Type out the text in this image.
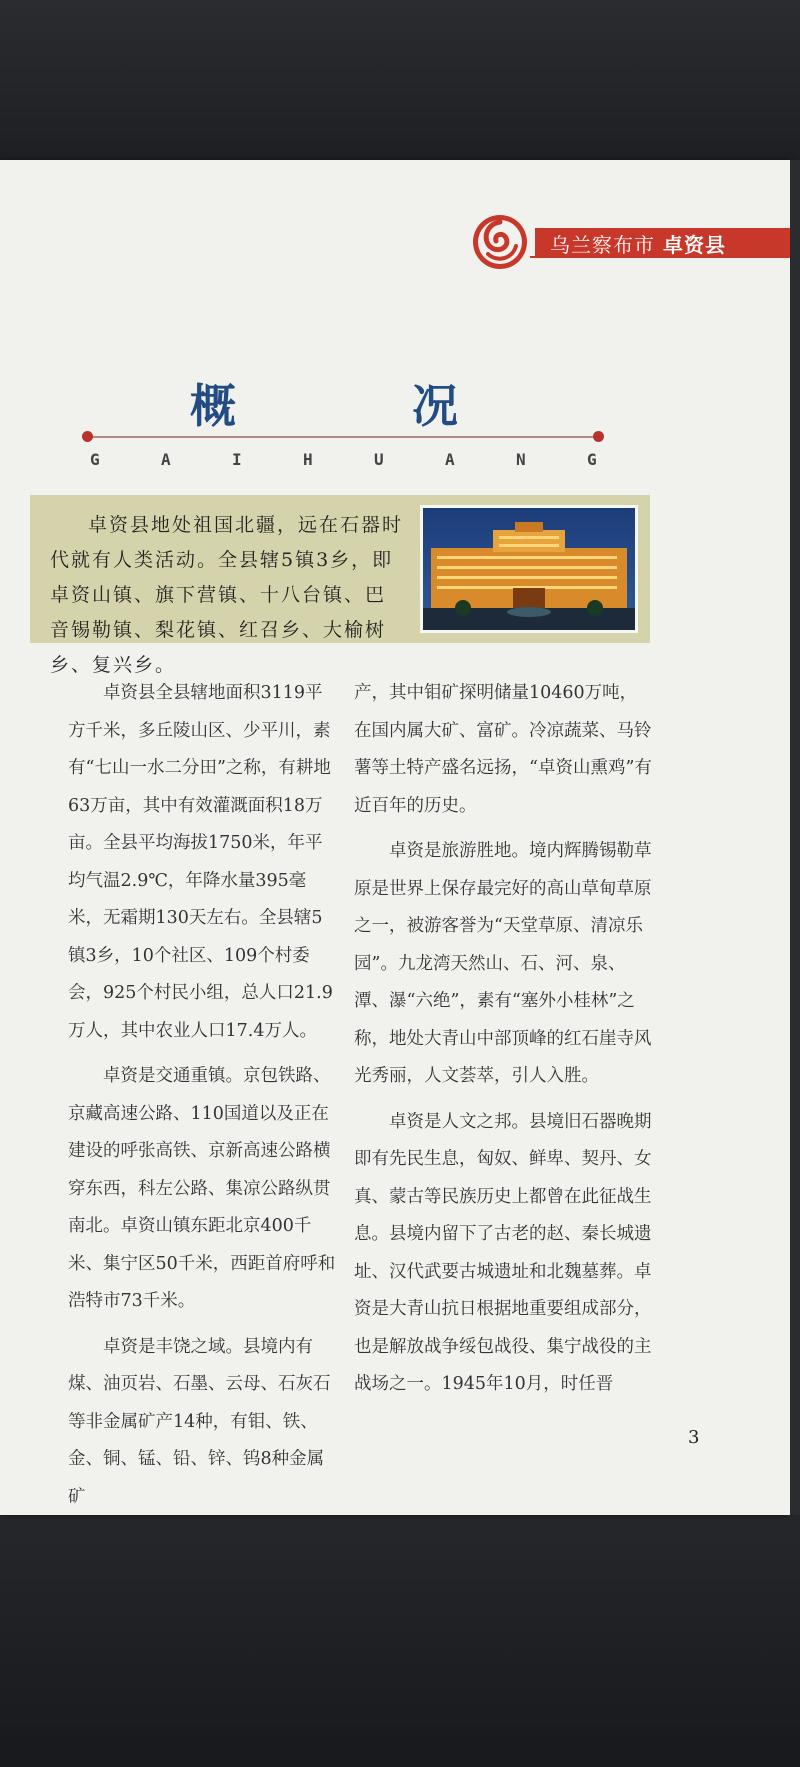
乌兰察布市 卓资县
概	况
G	A	I	H	U	A	N	G
卓资县地处祖国北疆，远在石器时代就有人类活动。全县辖5镇3乡，即卓资山镇、旗下营镇、十八台镇、巴音锡勒镇、梨花镇、红召乡、大榆树乡、复兴乡。

卓资县全县辖地面积3119平方千米，多丘陵山区、少平川，素有“七山一水二分田”之称，有耕地63万亩，其中有效灌溉面积18万亩。全县平均海拔1750米，年平均气温2.9℃，年降水量395毫米，无霜期130天左右。全县辖5镇3乡，10个社区、109个村委会，925个村民小组，总人口21.9万人，其中农业人口17.4万人。

卓资是交通重镇。京包铁路、京藏高速公路、110国道以及正在建设的呼张高铁、京新高速公路横穿东西，科左公路、集凉公路纵贯南北。卓资山镇东距北京400千米、集宁区50千米，西距首府呼和浩特市73千米。

卓资是丰饶之域。县境内有煤、油页岩、石墨、云母、石灰石等非金属矿产14种，有钼、铁、金、铜、锰、铅、锌、钨8种金属矿

产，其中钼矿探明储量10460万吨，在国内属大矿、富矿。冷凉蔬菜、马铃薯等土特产盛名远扬，“卓资山熏鸡”有近百年的历史。

卓资是旅游胜地。境内辉腾锡勒草原是世界上保存最完好的高山草甸草原之一，被游客誉为“天堂草原、清凉乐园”。九龙湾天然山、石、河、泉、潭、瀑“六绝”，素有“塞外小桂林”之称，地处大青山中部顶峰的红石崖寺风光秀丽，人文荟萃，引人入胜。

卓资是人文之邦。县境旧石器晚期即有先民生息，匈奴、鲜卑、契丹、女真、蒙古等民族历史上都曾在此征战生息。县境内留下了古老的赵、秦长城遗址、汉代武要古城遗址和北魏墓葬。卓资是大青山抗日根据地重要组成部分，也是解放战争绥包战役、集宁战役的主战场之一。1945年10月，时任晋

3
